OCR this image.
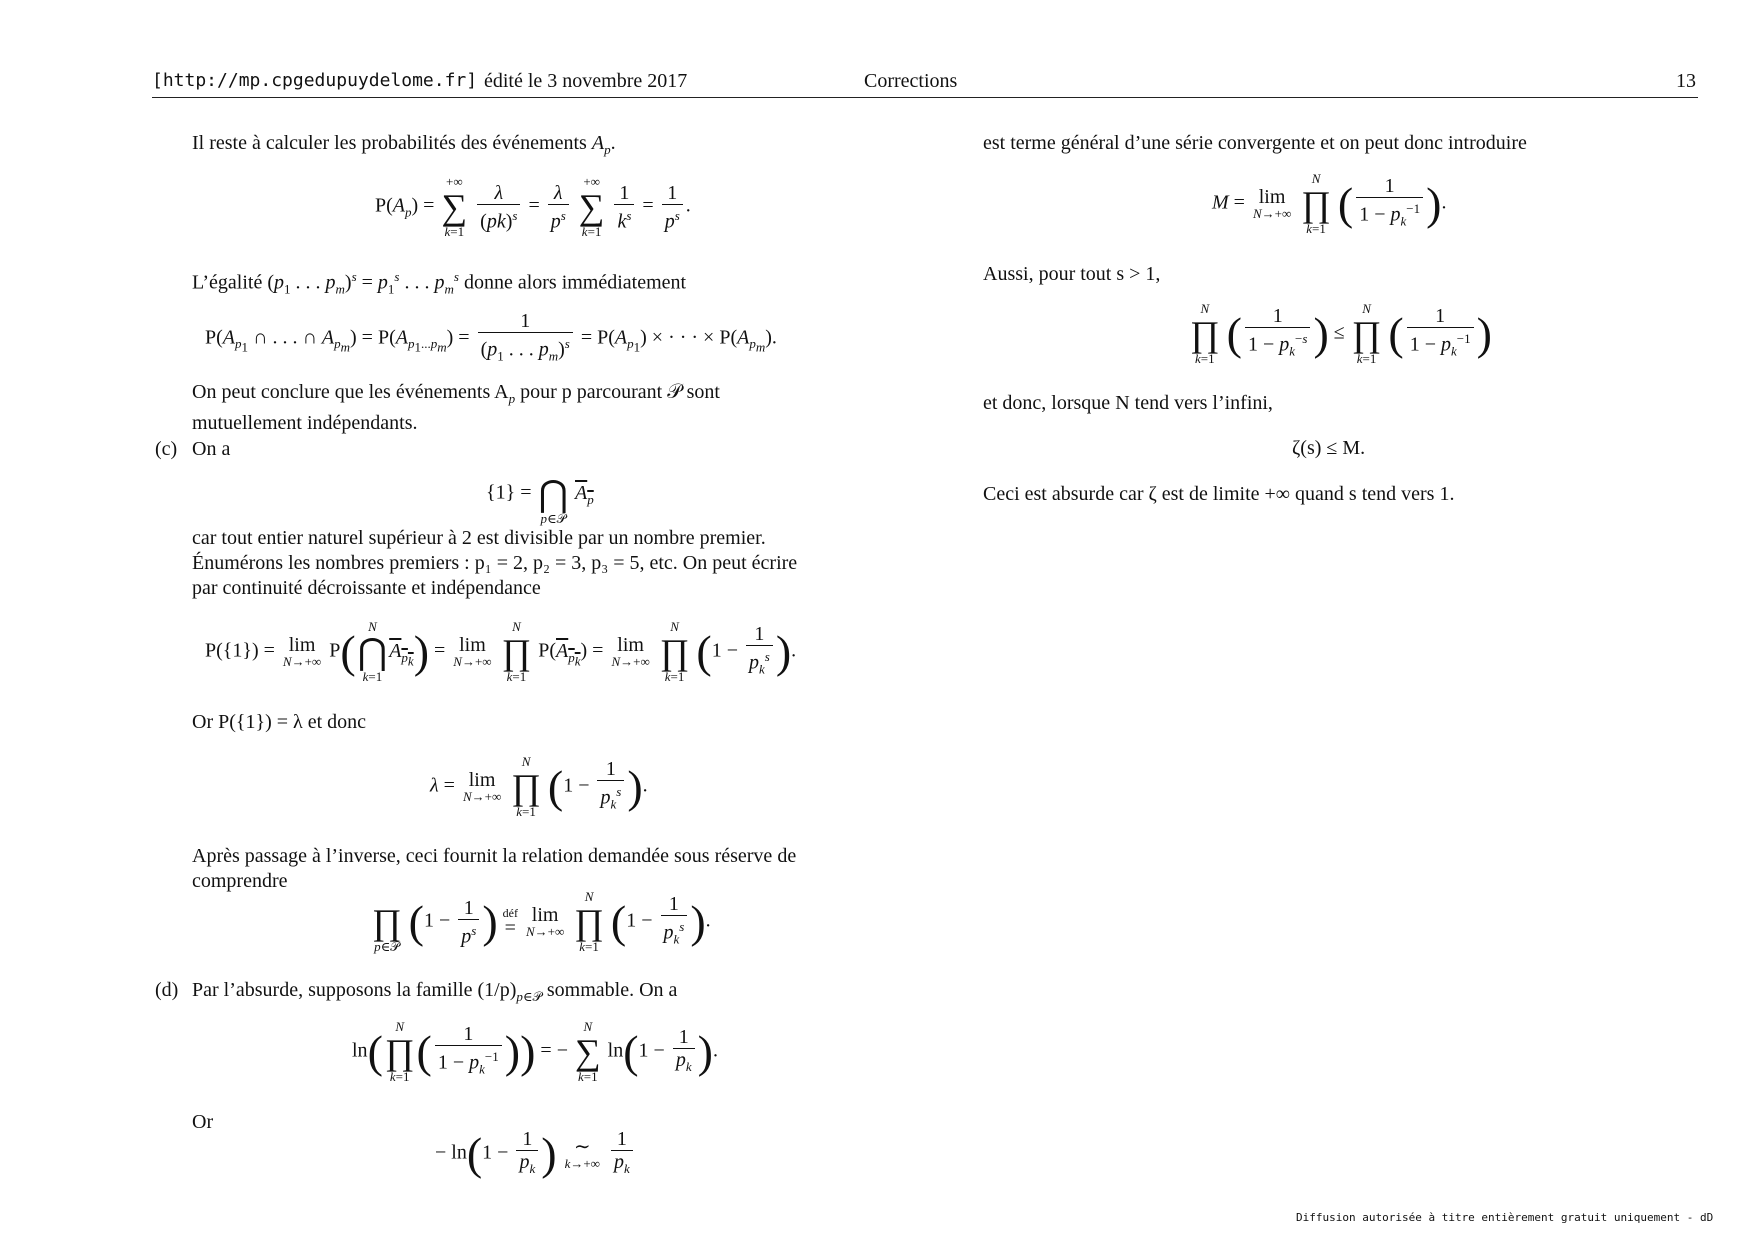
[http://mp.cpgedupuydelome.fr] édité le 3 novembre 2017	Corrections	13
Il reste à calculer les probabilités des événements $A_p$.
$P(A_p)$ =
+∞
∑
k=1
$\frac{\lambda}{(pk)^s} = \frac{\lambda}{p^s}$

+∞
∑
k=1
$\frac{1}{k^s} = \frac{1}{p^s}$ .
L’égalité ($p_1$ . . . $p_m)^s = p_1^s$ . . . $p_m^s$ donne alors immédiatement
$P(A_{p_1}$ ∩ . . . ∩ $A_{p_m}) = P(A_{p_1...p_m}) = \frac{1}{(p_1 . . . p_m)^s} = P(A_{p_1})$ × · · · × $P(A_{p_m})$.
On peut conclure que les événements $A_p$ pour p parcourant 𝒫 sont
mutuellement indépendants.
(c) On a
{1} =
⋂
p∈𝒫
$A_p$
car tout entier naturel supérieur à 2 est divisible par un nombre premier.
Énumérons les nombres premiers : p₁ = 2, p₂ = 3, p₃ = 5, etc. On peut écrire
par continuité décroissante et indépendance
P({1}) = lim
N→+∞ P( N
⋂
k=1
$A_{p_k}) = \lim$
N→+∞

N
∏
k=1
$P(A_{p_k}) = \lim$
N→+∞

N
∏
k=1 ($1 - \frac{1}{p_k^s}$ ).
Or P({1}) = λ et donc
λ = lim
N→+∞

N
∏
k=1 ($1 - \frac{1}{p_k^s}$ ).
Après passage à l’inverse, ceci fournit la relation demandée sous réserve de
comprendre

∏
p∈𝒫 ($1 - \frac{1}{p^s}$ ) déf
=

lim
N→+∞

N
∏
k=1 ($1 - \frac{1}{p_k^s}$ ).
(d) Par l’absurde, supposons la famille $(1/p)_{p\in 𝒫}$ sommable. On a
ln( N
∏
k=1 ( $\frac{1}{1 - p_k^{-1}}$ )) = −
N
∑
k=1
$\ln(1 - \frac{1}{p_k}$ ).
Or
− $\ln(1 - \frac{1}{p_k}$ ) ∼
k→+∞
$\frac{1}{p_k}$
est terme général d’une série convergente et on peut donc introduire
M = lim
N→+∞

N
∏
k=1 ( $\frac{1}{1 - p_k^{-1}}$ ).
Aussi, pour tout s > 1,
N
∏
k=1 ( $\frac{1}{1 - p_k^{-s}}$ ) ≤
N
∏
k=1 ( $\frac{1}{1 - p_k^{-1}}$ )
et donc, lorsque N tend vers l’infini,
ζ(s) ≤ M.
Ceci est absurde car ζ est de limite +∞ quand s tend vers 1.
Diffusion autorisée à titre entièrement gratuit uniquement - dD
